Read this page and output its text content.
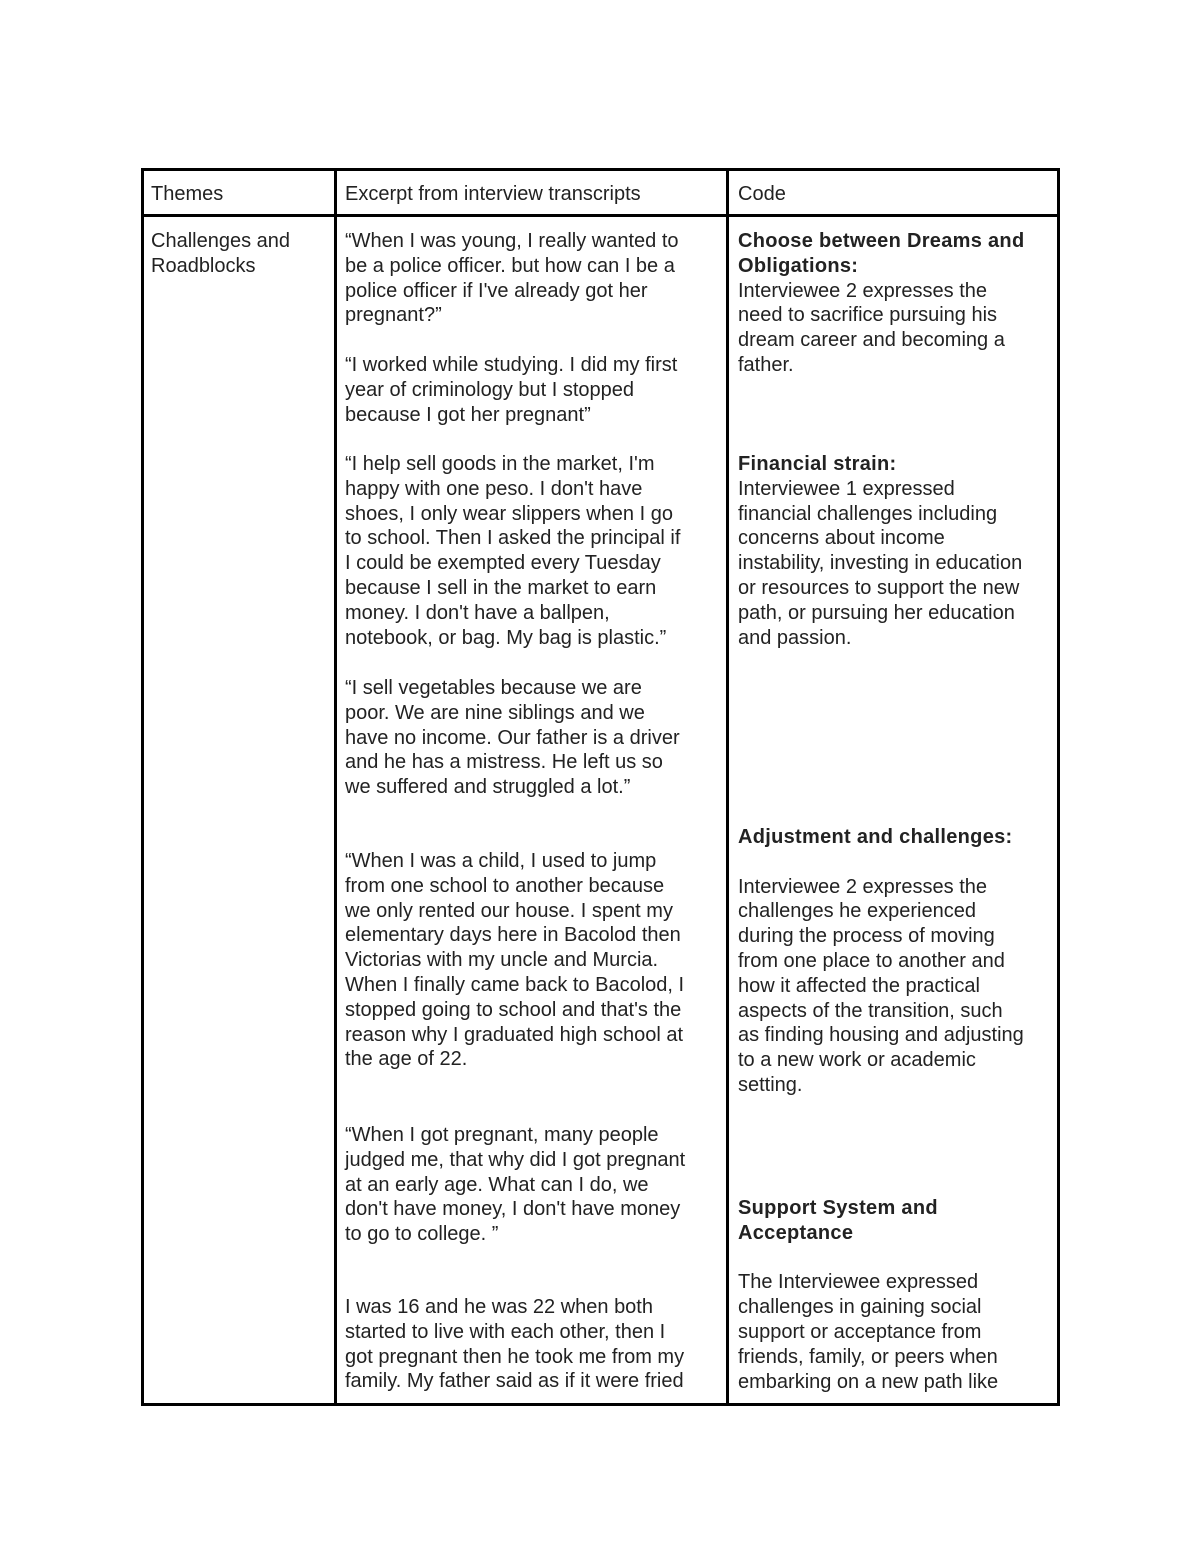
Themes	Excerpt from interview transcripts	Code
Challenges and
Roadblocks
“When I was young, I really wanted to
be a police officer. but how can I be a
police officer if I've already got her
pregnant?”
“I worked while studying. I did my first
year of criminology but I stopped
because I got her pregnant”
“I help sell goods in the market, I'm
happy with one peso. I don't have
shoes, I only wear slippers when I go
to school. Then I asked the principal if
I could be exempted every Tuesday
because I sell in the market to earn
money. I don't have a ballpen,
notebook, or bag. My bag is plastic.”
“I sell vegetables because we are
poor. We are nine siblings and we
have no income. Our father is a driver
and he has a mistress. He left us so
we suffered and struggled a lot.”
“When I was a child, I used to jump
from one school to another because
we only rented our house. I spent my
elementary days here in Bacolod then
Victorias with my uncle and Murcia.
When I finally came back to Bacolod, I
stopped going to school and that's the
reason why I graduated high school at
the age of 22.
“When I got pregnant, many people
judged me, that why did I got pregnant
at an early age. What can I do, we
don't have money, I don't have money
to go to college. ”
I was 16 and he was 22 when both
started to live with each other, then I
got pregnant then he took me from my
family. My father said as if it were fried
Choose between Dreams and
Obligations:
Interviewee 2 expresses the
need to sacrifice pursuing his
dream career and becoming a
father.
Financial strain:
Interviewee 1 expressed
financial challenges including
concerns about income
instability, investing in education
or resources to support the new
path, or pursuing her education
and passion.
Adjustment and challenges:

Interviewee 2 expresses the
challenges he experienced
during the process of moving
from one place to another and
how it affected the practical
aspects of the transition, such
as finding housing and adjusting
to a new work or academic
setting.
Support System and
Acceptance

The Interviewee expressed
challenges in gaining social
support or acceptance from
friends, family, or peers when
embarking on a new path like
